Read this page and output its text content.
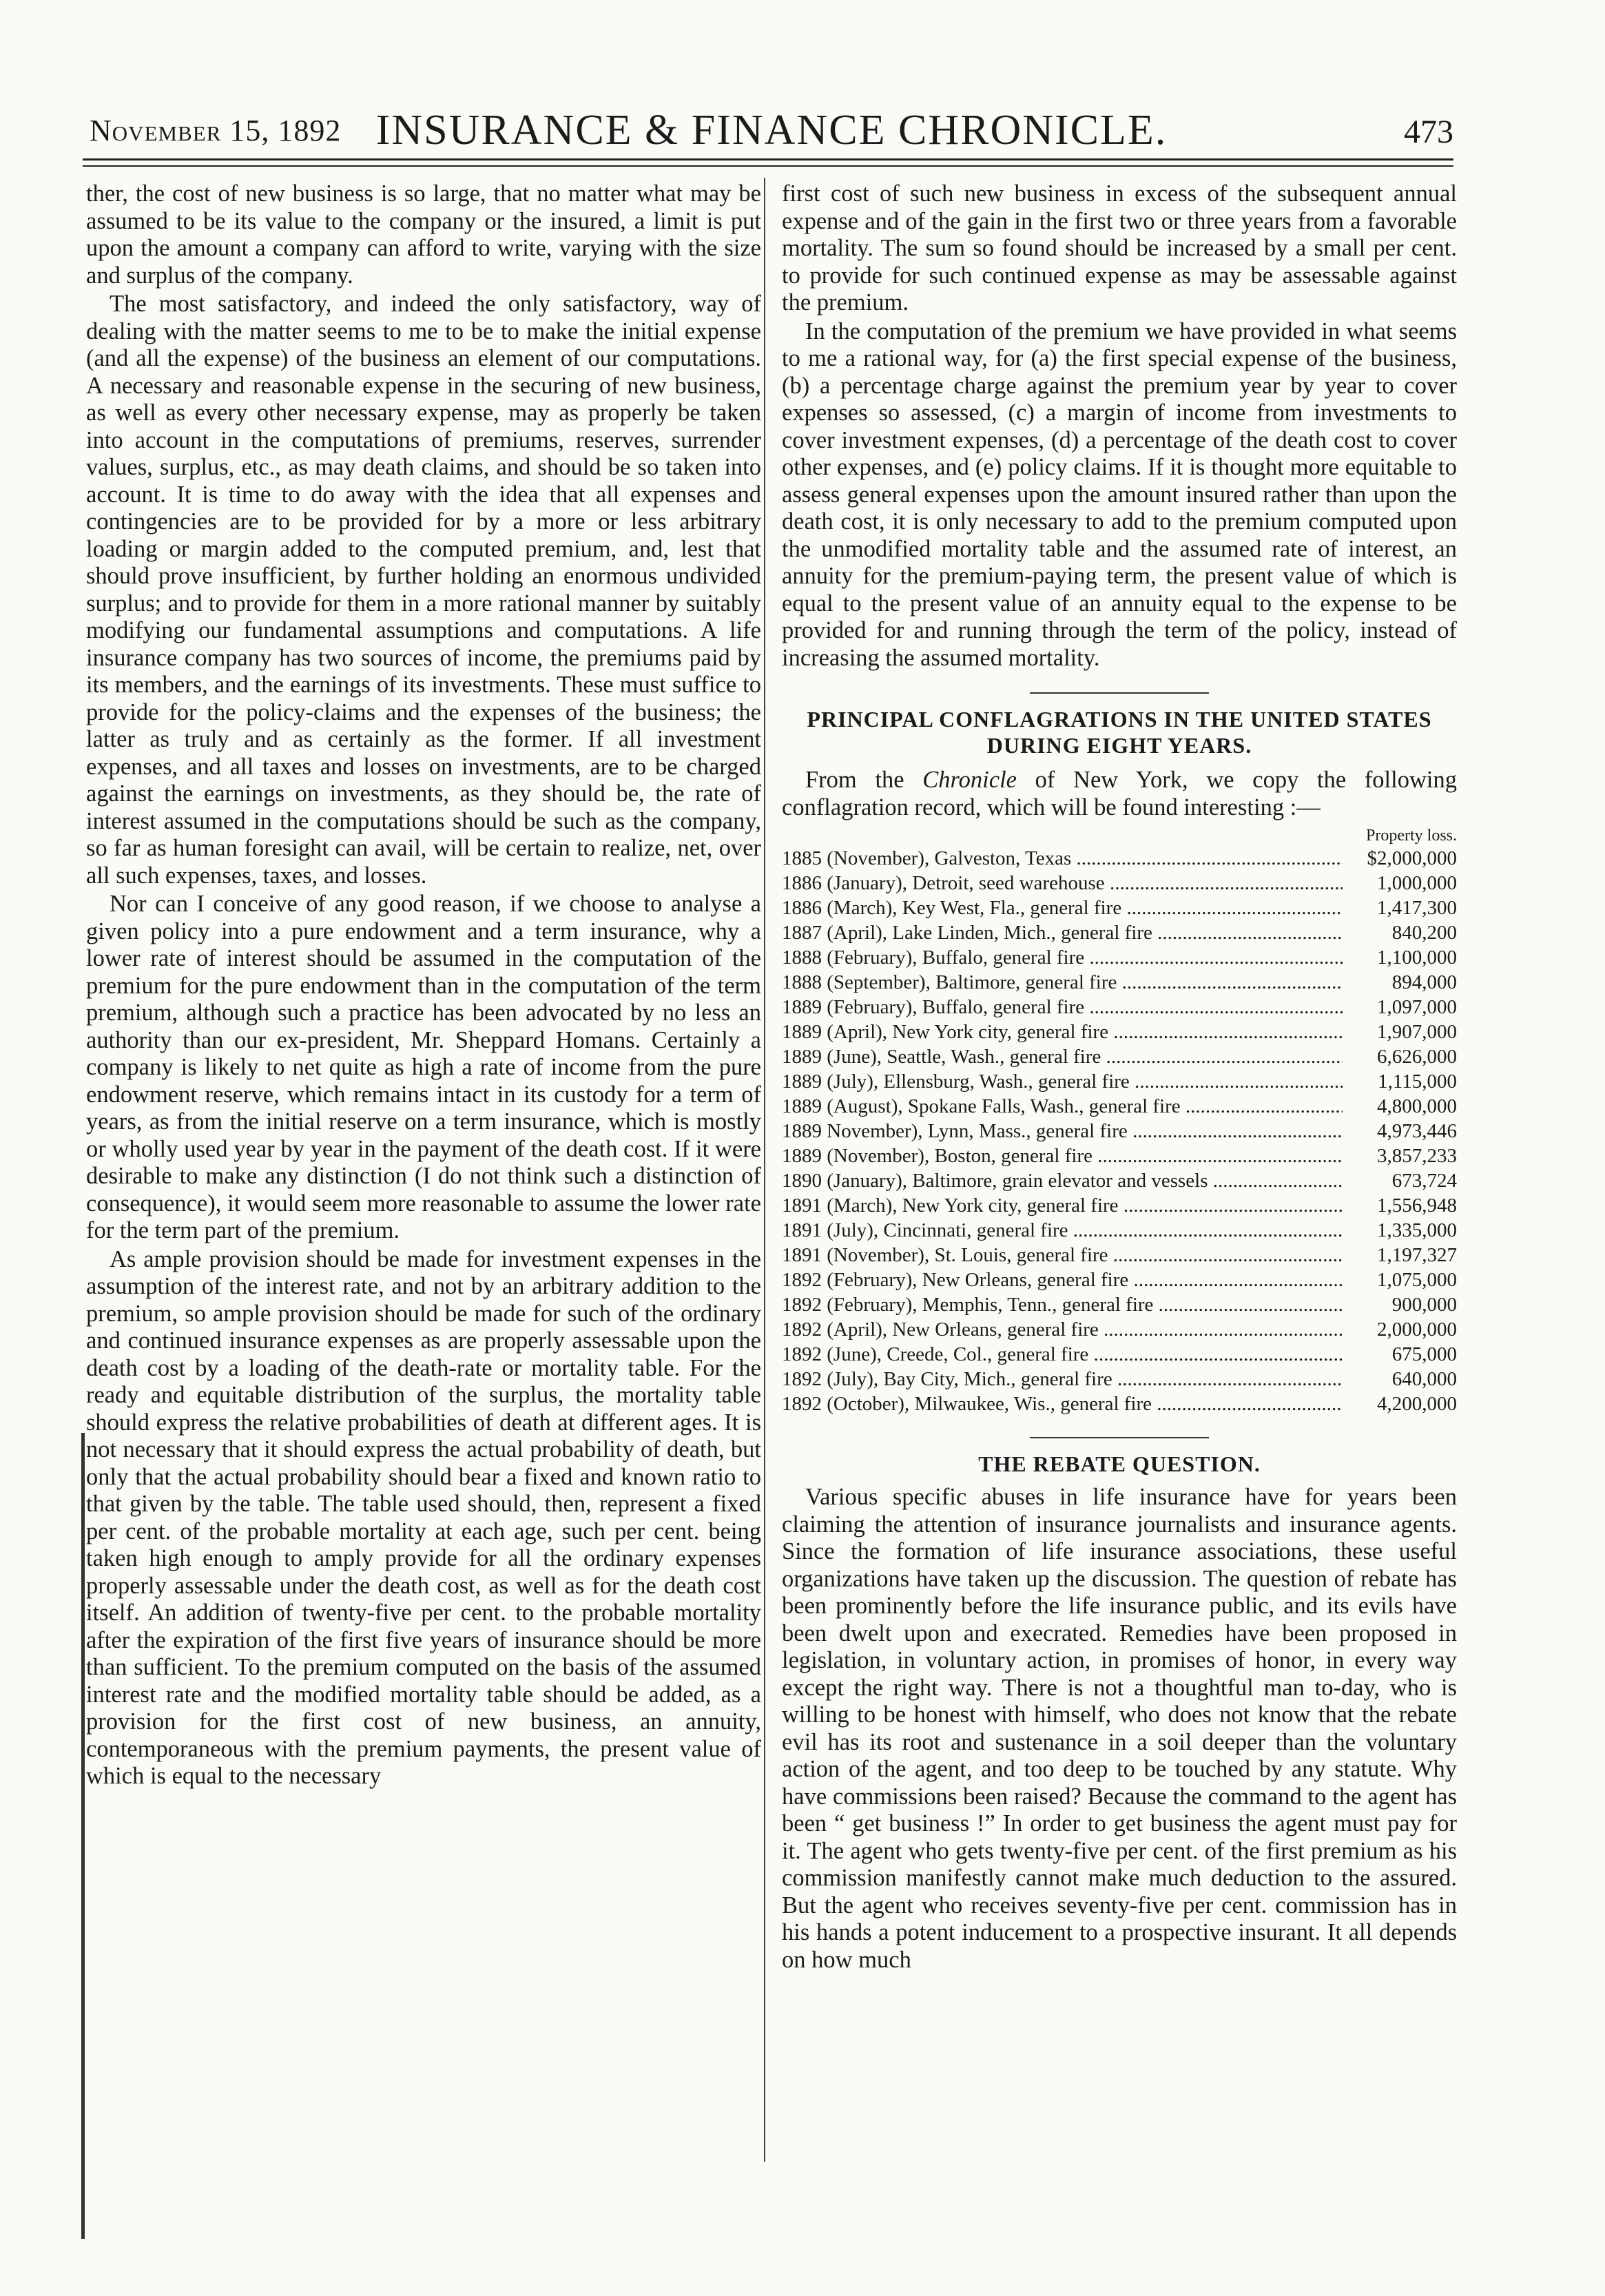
November 15, 1892 INSURANCE & FINANCE CHRONICLE.	473

ther, the cost of new business is so large, that no matter what may be assumed to be its value to the company or the insured, a limit is put upon the amount a company can afford to write, varying with the size and surplus of the company.

The most satisfactory, and indeed the only satisfactory, way of dealing with the matter seems to me to be to make the initial expense (and all the expense) of the business an element of our computations. A necessary and reasonable expense in the securing of new business, as well as every other necessary expense, may as properly be taken into account in the computations of premiums, reserves, surrender values, surplus, etc., as may death claims, and should be so taken into account. It is time to do away with the idea that all expenses and contingencies are to be provided for by a more or less arbitrary loading or margin added to the computed premium, and, lest that should prove insufficient, by further holding an enormous undivided surplus; and to provide for them in a more rational manner by suitably modifying our fundamental assumptions and computations. A life insurance company has two sources of income, the premiums paid by its members, and the earnings of its investments. These must suffice to provide for the policy-claims and the expenses of the business; the latter as truly and as certainly as the former. If all investment expenses, and all taxes and losses on investments, are to be charged against the earnings on investments, as they should be, the rate of interest assumed in the computations should be such as the company, so far as human foresight can avail, will be certain to realize, net, over all such expenses, taxes, and losses.

Nor can I conceive of any good reason, if we choose to analyse a given policy into a pure endowment and a term insurance, why a lower rate of interest should be assumed in the computation of the premium for the pure endowment than in the computation of the term premium, although such a practice has been advocated by no less an authority than our ex-president, Mr. Sheppard Homans. Certainly a company is likely to net quite as high a rate of income from the pure endowment reserve, which remains intact in its custody for a term of years, as from the initial reserve on a term insurance, which is mostly or wholly used year by year in the payment of the death cost. If it were desirable to make any distinction (I do not think such a distinction of consequence), it would seem more reasonable to assume the lower rate for the term part of the premium.

As ample provision should be made for investment expenses in the assumption of the interest rate, and not by an arbitrary addition to the premium, so ample provision should be made for such of the ordinary and continued insurance expenses as are properly assessable upon the death cost by a loading of the death-rate or mortality table. For the ready and equitable distribution of the surplus, the mortality table should express the relative probabilities of death at different ages. It is not necessary that it should express the actual probability of death, but only that the actual probability should bear a fixed and known ratio to that given by the table. The table used should, then, represent a fixed per cent. of the probable mortality at each age, such per cent. being taken high enough to amply provide for all the ordinary expenses properly assessable under the death cost, as well as for the death cost itself. An addition of twenty-five per cent. to the probable mortality after the expiration of the first five years of insurance should be more than sufficient. To the premium computed on the basis of the assumed interest rate and the modified mortality table should be added, as a provision for the first cost of new business, an annuity, contemporaneous with the premium payments, the present value of which is equal to the necessary

first cost of such new business in excess of the subsequent annual expense and of the gain in the first two or three years from a favorable mortality. The sum so found should be increased by a small per cent. to provide for such continued expense as may be assessable against the premium.

In the computation of the premium we have provided in what seems to me a rational way, for (a) the first special expense of the business, (b) a percentage charge against the premium year by year to cover expenses so assessed, (c) a margin of income from investments to cover investment expenses, (d) a percentage of the death cost to cover other expenses, and (e) policy claims. If it is thought more equitable to assess general expenses upon the amount insured rather than upon the death cost, it is only necessary to add to the premium computed upon the unmodified mortality table and the assumed rate of interest, an annuity for the premium-paying term, the present value of which is equal to the present value of an annuity equal to the expense to be provided for and running through the term of the policy, instead of increasing the assumed mortality.

PRINCIPAL CONFLAGRATIONS IN THE UNITED STATES DURING EIGHT YEARS.

From the Chronicle of New York, we copy the following conflagration record, which will be found interesting :—

Property loss.
1885 (November), Galveston, Texas .....	$2,000,000
1886 (January), Detroit, seed warehouse .....	1,000,000
1886 (March), Key West, Fla., general fire .....	1,417,300
1887 (April), Lake Linden, Mich., general fire .....	840,200
1888 (February), Buffalo, general fire .....	1,100,000
1888 (September), Baltimore, general fire .....	894,000
1889 (February), Buffalo, general fire .....	1,097,000
1889 (April), New York city, general fire .....	1,907,000
1889 (June), Seattle, Wash., general fire .....	6,626,000
1889 (July), Ellensburg, Wash., general fire .....	1,115,000
1889 (August), Spokane Falls, Wash., general fire .....	4,800,000
1889 November), Lynn, Mass., general fire .....	4,973,446
1889 (November), Boston, general fire .....	3,857,233
1890 (January), Baltimore, grain elevator and vessels .....	673,724
1891 (March), New York city, general fire .....	1,556,948
1891 (July), Cincinnati, general fire .....	1,335,000
1891 (November), St. Louis, general fire .....	1,197,327
1892 (February), New Orleans, general fire .....	1,075,000
1892 (February), Memphis, Tenn., general fire .....	900,000
1892 (April), New Orleans, general fire .....	2,000,000
1892 (June), Creede, Col., general fire .....	675,000
1892 (July), Bay City, Mich., general fire .....	640,000
1892 (October), Milwaukee, Wis., general fire .....	4,200,000
THE REBATE QUESTION.

Various specific abuses in life insurance have for years been claiming the attention of insurance journalists and insurance agents. Since the formation of life insurance associations, these useful organizations have taken up the discussion. The question of rebate has been prominently before the life insurance public, and its evils have been dwelt upon and execrated. Remedies have been proposed in legislation, in voluntary action, in promises of honor, in every way except the right way. There is not a thoughtful man to-day, who is willing to be honest with himself, who does not know that the rebate evil has its root and sustenance in a soil deeper than the voluntary action of the agent, and too deep to be touched by any statute. Why have commissions been raised? Because the command to the agent has been “ get business !” In order to get business the agent must pay for it. The agent who gets twenty-five per cent. of the first premium as his commission manifestly cannot make much deduction to the assured. But the agent who receives seventy-five per cent. commission has in his hands a potent inducement to a prospective insurant. It all depends on how much
